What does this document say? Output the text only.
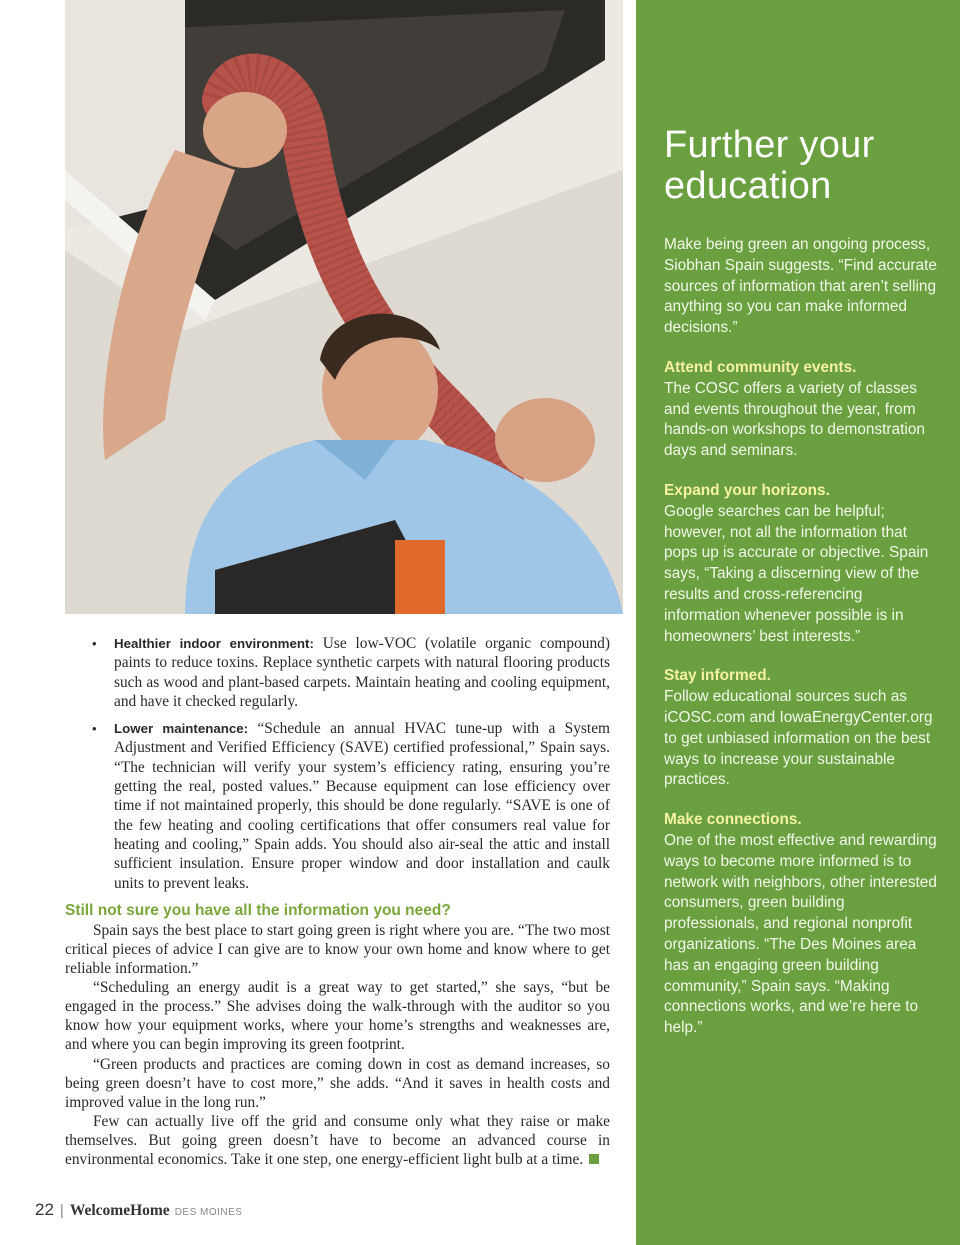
• Healthier indoor environment: Use low-VOC (volatile organic compound) paints to reduce toxins. Replace synthetic carpets with natural flooring products such as wood and plant-based carpets. Maintain heating and cooling equipment, and have it checked regularly.
• Lower maintenance: “Schedule an annual HVAC tune-up with a System Adjustment and Verified Efficiency (SAVE) certified professional,” Spain says. “The technician will verify your system’s efficiency rating, ensuring you’re getting the real, posted values.” Because equipment can lose efficiency over time if not maintained properly, this should be done regularly. “SAVE is one of the few heating and cooling certifications that offer consumers real value for heating and cooling,” Spain adds. You should also air-seal the attic and install sufficient insulation. Ensure proper window and door installation and caulk units to prevent leaks.
Still not sure you have all the information you need?

Spain says the best place to start going green is right where you are. “The two most critical pieces of advice I can give are to know your own home and know where to get reliable information.”

“Scheduling an energy audit is a great way to get started,” she says, “but be engaged in the process.” She advises doing the walk-through with the auditor so you know how your equipment works, where your home’s strengths and weaknesses are, and where you can begin improving its green footprint.

“Green products and practices are coming down in cost as demand increases, so being green doesn’t have to cost more,” she adds. “And it saves in health costs and improved value in the long run.”

Few can actually live off the grid and consume only what they raise or make themselves. But going green doesn’t have to become an advanced course in environmental economics. Take it one step, one energy-efficient light bulb at a time.

22 | WelcomeHome DES MOINES
Further your education

Make being green an ongoing process, Siobhan Spain suggests. “Find accurate sources of information that aren’t selling anything so you can make informed decisions.”

Attend community events.
The COSC offers a variety of classes and events throughout the year, from hands-on workshops to demonstration days and seminars.
Expand your horizons.
Google searches can be helpful; however, not all the information that pops up is accurate or objective. Spain says, “Taking a discerning view of the results and cross-referencing information whenever possible is in homeowners’ best interests.”
Stay informed.
Follow educational sources such as iCOSC.com and IowaEnergyCenter.org to get unbiased information on the best ways to increase your sustainable practices.
Make connections.
One of the most effective and rewarding ways to become more informed is to network with neighbors, other interested consumers, green building professionals, and regional nonprofit organizations. “The Des Moines area has an engaging green building community,” Spain says. “Making connections works, and we’re here to help.”
